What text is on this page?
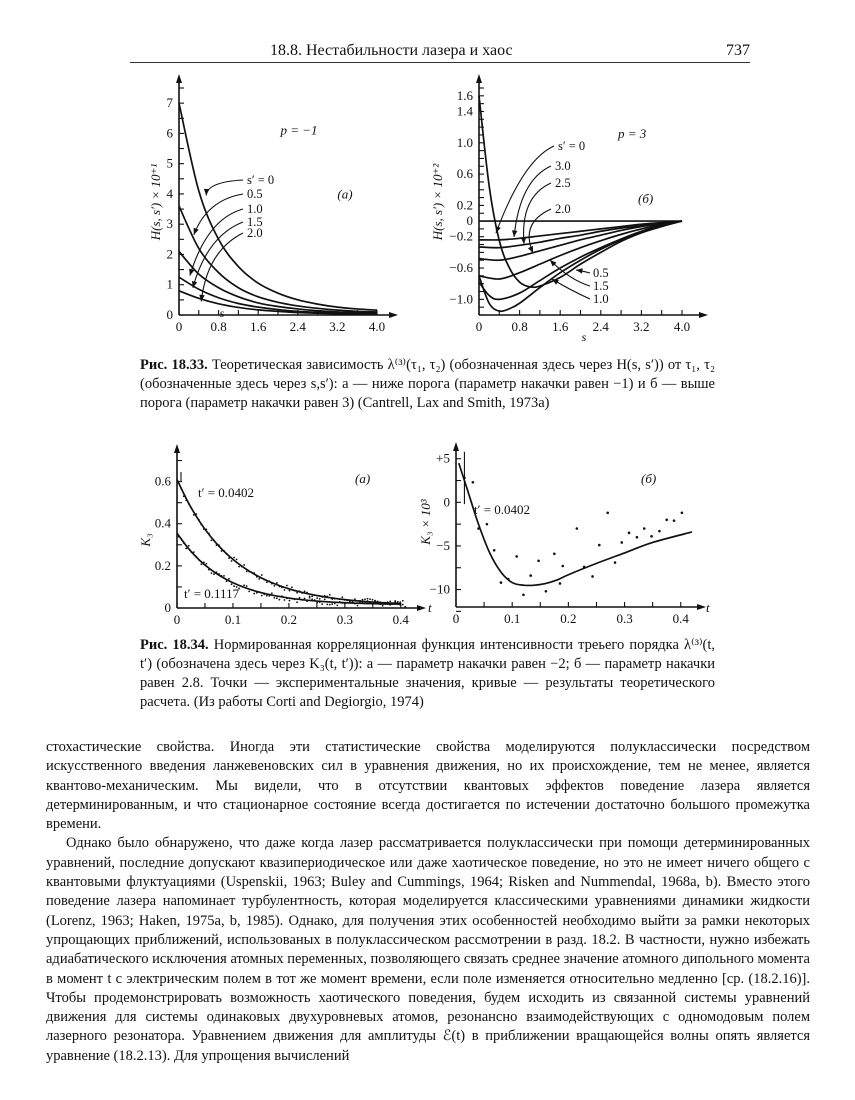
18.8. Нестабильности лазера и хаос	737
0 0.8 1.6 2.4 3.2 4.0
0
1
2
3
4
5
6
7
p = −1
(a)
s
H(s, s′) × 10⁺¹	s′ = 0
0.5
1.0
1.5
2.0
0 0.8 1.6 2.4 3.2 4.0
−1.0
−0.6
−0.2
0
0.2
0.6
1.0
1.4
1.6
p = 3
(б)
s
H(s, s′) × 10⁺²
s′ = 0
3.0
2.5
2.0
0.5
1.5
1.0
Рис. 18.33. Теоретическая зависимость λ⁽³⁾(τ₁, τ₂) (обозначенная здесь через H(s, s′)) от τ₁, τ₂ (обозначенные здесь через s,s′): a — ниже порога (параметр накачки равен −1) и б — выше порога (параметр накачки равен 3) (Cantrell, Lax and Smith, 1973a)
0	0.1	0.2	0.3	0.4
0
0.2
0.4
0.6
t′ = 0.0402
t′ = 0.1117
(a)
t
K₃
0	0.1	0.2	0.3	0.4
+5
0
−5
−10
t′ = 0.0402
(б)
t
K₃ × 10³
Рис. 18.34. Нормированная корреляционная функция интенсивности треьего порядка λ⁽³⁾(t, t′) (обозначена здесь через K₃(t, t′)): a — параметр накачки равен −2; б — параметр накачки равен 2.8. Точки — экспериментальные значения, кривые — результаты теоретического расчета. (Из работы Corti and Degiorgio, 1974)

стохастические свойства. Иногда эти статистические свойства моделируются полуклассически посредством искусственного введения ланжевеновских сил в уравнения движения, но их происхождение, тем не менее, является квантово-механическим. Мы видели, что в отсутствии квантовых эффектов поведение лазера является детерминированным, и что стационарное состояние всегда достигается по истечении достаточно большого промежутка времени.

Однако было обнаружено, что даже когда лазер рассматривается полуклассически при помощи детерминированных уравнений, последние допускают квазипериодическое или даже хаотическое поведение, но это не имеет ничего общего с квантовыми флуктуациями (Uspenskii, 1963; Buley and Cummings, 1964; Risken and Nummendal, 1968a, b). Вместо этого поведение лазера напоминает турбулентность, которая моделируется классическими уравнениями динамики жидкости (Lorenz, 1963; Haken, 1975a, b, 1985). Однако, для получения этих особенностей необходимо выйти за рамки некоторых упрощающих приближений, использованых в полуклассическом рассмотрении в разд. 18.2. В частности, нужно избежать адиабатического исключения атомных переменных, позволяющего связать среднее значение атомного дипольного момента в момент t с электрическим полем в тот же момент времени, если поле изменяется относительно медленно [ср. (18.2.16)]. Чтобы продемонстрировать возможность хаотического поведения, будем исходить из связанной системы уравнений движения для системы одинаковых двухуровневых атомов, резонансно взаимодействующих с одномодовым полем лазерного резонатора. Уравнением движения для амплитуды ℰ(t) в приближении вращающейся волны опять является уравнение (18.2.13). Для упрощения вычислений
